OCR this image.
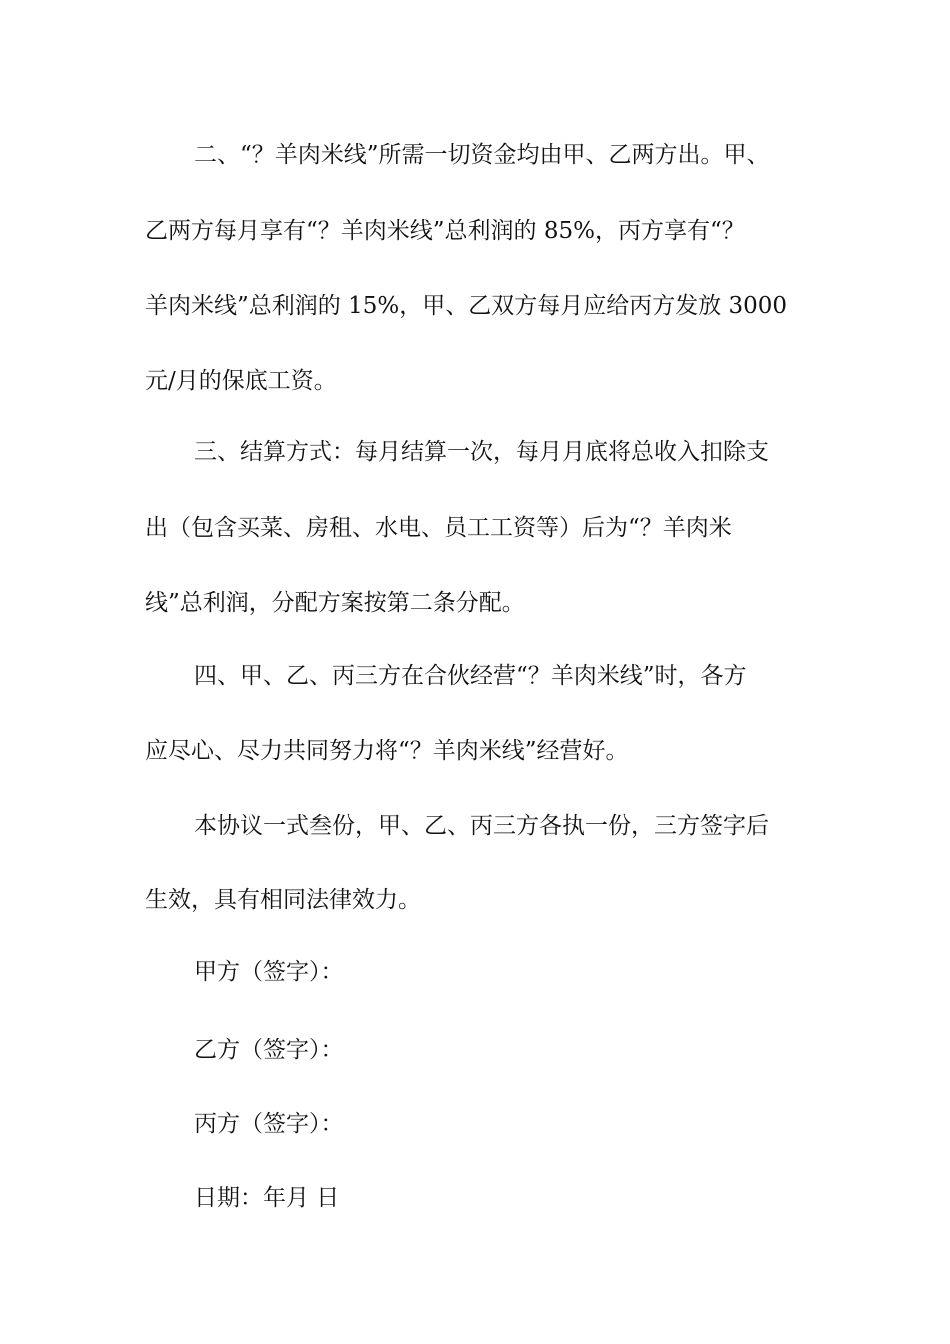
二、“？羊肉米线”所需一切资金均由甲、乙两方出。甲、
乙两方每月享有“？羊肉米线”总利润的 85%，丙方享有“？
羊肉米线”总利润的 15%，甲、乙双方每月应给丙方发放 3000
元/月的保底工资。
三、结算方式：每月结算一次，每月月底将总收入扣除支
出（包含买菜、房租、水电、员工工资等）后为“？羊肉米
线”总利润，分配方案按第二条分配。
四、甲、乙、丙三方在合伙经营“？羊肉米线”时，各方
应尽心、尽力共同努力将“？羊肉米线”经营好。
本协议一式叁份，甲、乙、丙三方各执一份，三方签字后
生效，具有相同法律效力。
甲方（签字）：
乙方（签字）：
丙方（签字）：
日期：年月 日
